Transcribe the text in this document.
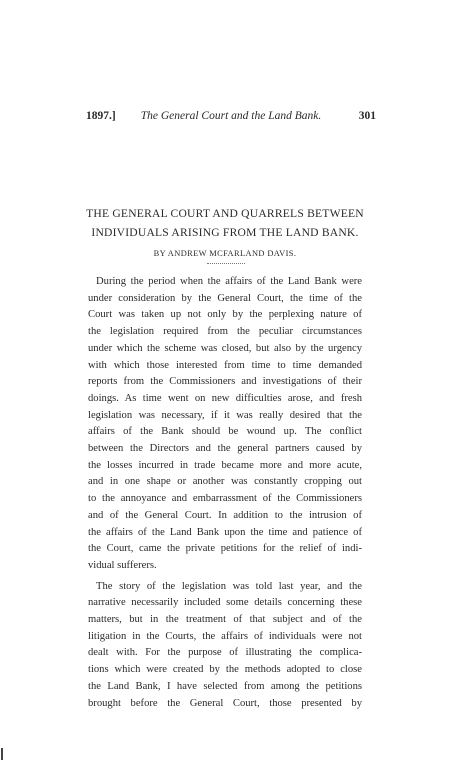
1897.]	The General Court and the Land Bank.	301
THE GENERAL COURT AND QUARRELS BETWEEN
INDIVIDUALS ARISING FROM THE LAND BANK.
BY ANDREW MCFARLAND DAVIS.
During the period when the affairs of the Land Bank were
under consideration by the General Court, the time of the
Court was taken up not only by the perplexing nature of
the legislation required from the peculiar circumstances
under which the scheme was closed, but also by the urgency
with which those interested from time to time demanded
reports from the Commissioners and investigations of their
doings. As time went on new difficulties arose, and fresh
legislation was necessary, if it was really desired that the
affairs of the Bank should be wound up. The conflict
between the Directors and the general partners caused by
the losses incurred in trade became more and more acute,
and in one shape or another was constantly cropping out
to the annoyance and embarrassment of the Commissioners
and of the General Court. In addition to the intrusion of
the affairs of the Land Bank upon the time and patience of
the Court, came the private petitions for the relief of indi-
vidual sufferers.
The story of the legislation was told last year, and the
narrative necessarily included some details concerning these
matters, but in the treatment of that subject and of the
litigation in the Courts, the affairs of individuals were not
dealt with. For the purpose of illustrating the complica-
tions which were created by the methods adopted to close
the Land Bank, I have selected from among the petitions
brought before the General Court, those presented by
